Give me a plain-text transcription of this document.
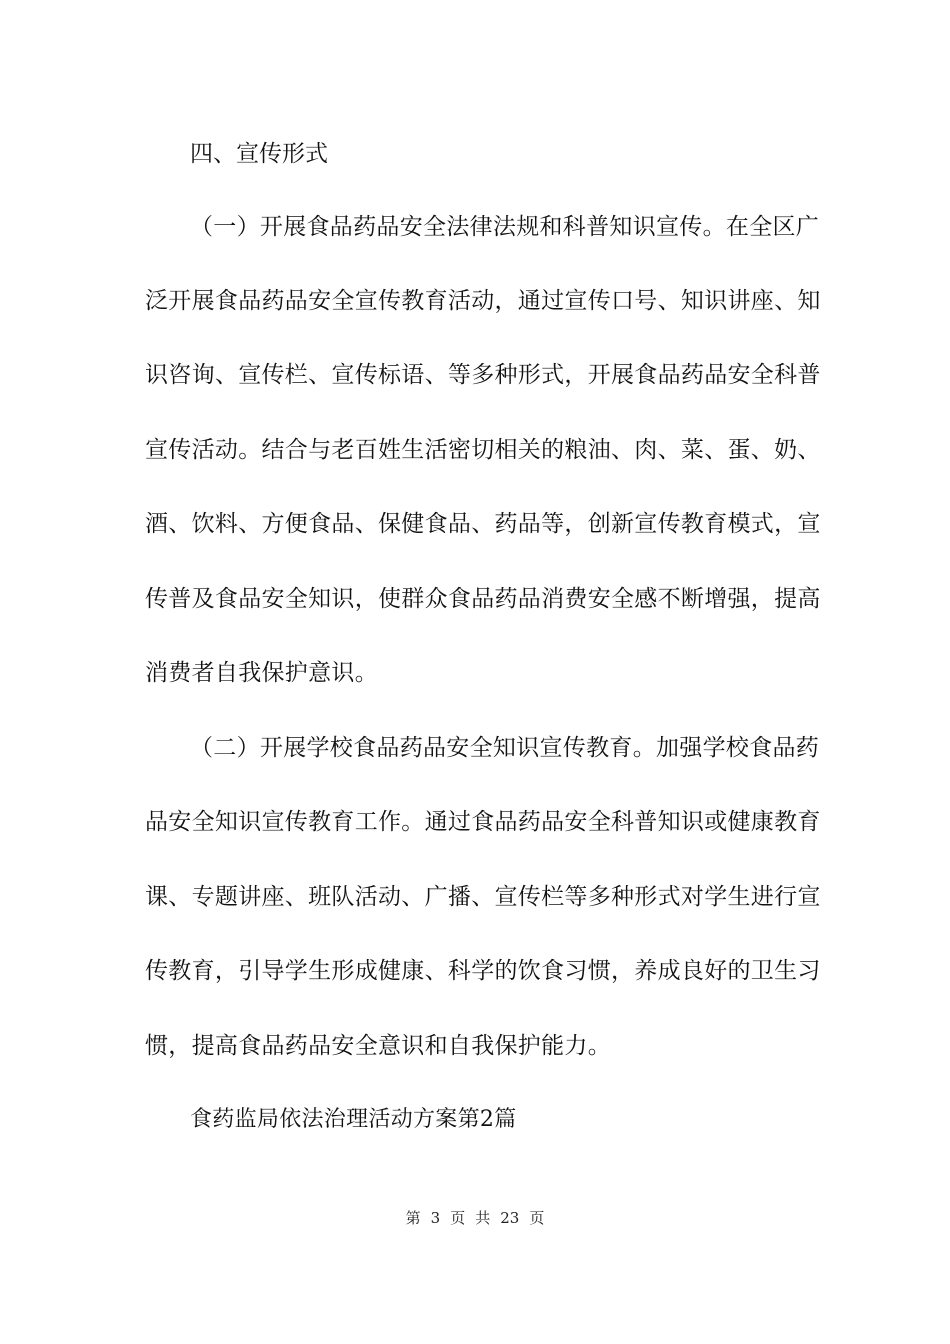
四、宣传形式
（一）开展食品药品安全法律法规和科普知识宣传。在全区广
泛开展食品药品安全宣传教育活动，通过宣传口号、知识讲座、知
识咨询、宣传栏、宣传标语、等多种形式，开展食品药品安全科普
宣传活动。结合与老百姓生活密切相关的粮油、肉、菜、蛋、奶、
酒、饮料、方便食品、保健食品、药品等，创新宣传教育模式，宣
传普及食品安全知识，使群众食品药品消费安全感不断增强，提高
消费者自我保护意识。
（二）开展学校食品药品安全知识宣传教育。加强学校食品药
品安全知识宣传教育工作。通过食品药品安全科普知识或健康教育
课、专题讲座、班队活动、广播、宣传栏等多种形式对学生进行宣
传教育，引导学生形成健康、科学的饮食习惯，养成良好的卫生习
惯，提高食品药品安全意识和自我保护能力。
食药监局依法治理活动方案第2篇
第 3 页 共 23 页
